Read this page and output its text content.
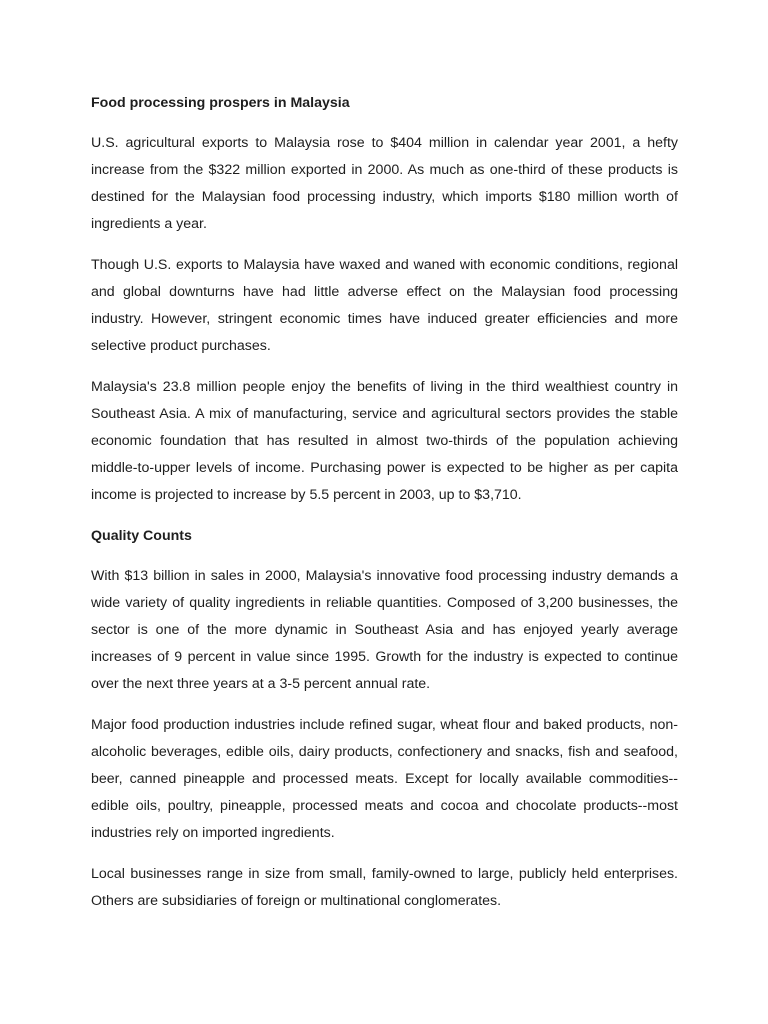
Food processing prospers in Malaysia

U.S. agricultural exports to Malaysia rose to $404 million in calendar year 2001, a hefty increase from the $322 million exported in 2000. As much as one-third of these products is destined for the Malaysian food processing industry, which imports $180 million worth of ingredients a year.

Though U.S. exports to Malaysia have waxed and waned with economic conditions, regional and global downturns have had little adverse effect on the Malaysian food processing industry. However, stringent economic times have induced greater efficiencies and more selective product purchases.

Malaysia's 23.8 million people enjoy the benefits of living in the third wealthiest country in Southeast Asia. A mix of manufacturing, service and agricultural sectors provides the stable economic foundation that has resulted in almost two-thirds of the population achieving middle-to-upper levels of income. Purchasing power is expected to be higher as per capita income is projected to increase by 5.5 percent in 2003, up to $3,710.

Quality Counts

With $13 billion in sales in 2000, Malaysia's innovative food processing industry demands a wide variety of quality ingredients in reliable quantities. Composed of 3,200 businesses, the sector is one of the more dynamic in Southeast Asia and has enjoyed yearly average increases of 9 percent in value since 1995. Growth for the industry is expected to continue over the next three years at a 3-5 percent annual rate.

Major food production industries include refined sugar, wheat flour and baked products, non-alcoholic beverages, edible oils, dairy products, confectionery and snacks, fish and seafood, beer, canned pineapple and processed meats. Except for locally available commodities--edible oils, poultry, pineapple, processed meats and cocoa and chocolate products--most industries rely on imported ingredients.

Local businesses range in size from small, family-owned to large, publicly held enterprises. Others are subsidiaries of foreign or multinational conglomerates.
